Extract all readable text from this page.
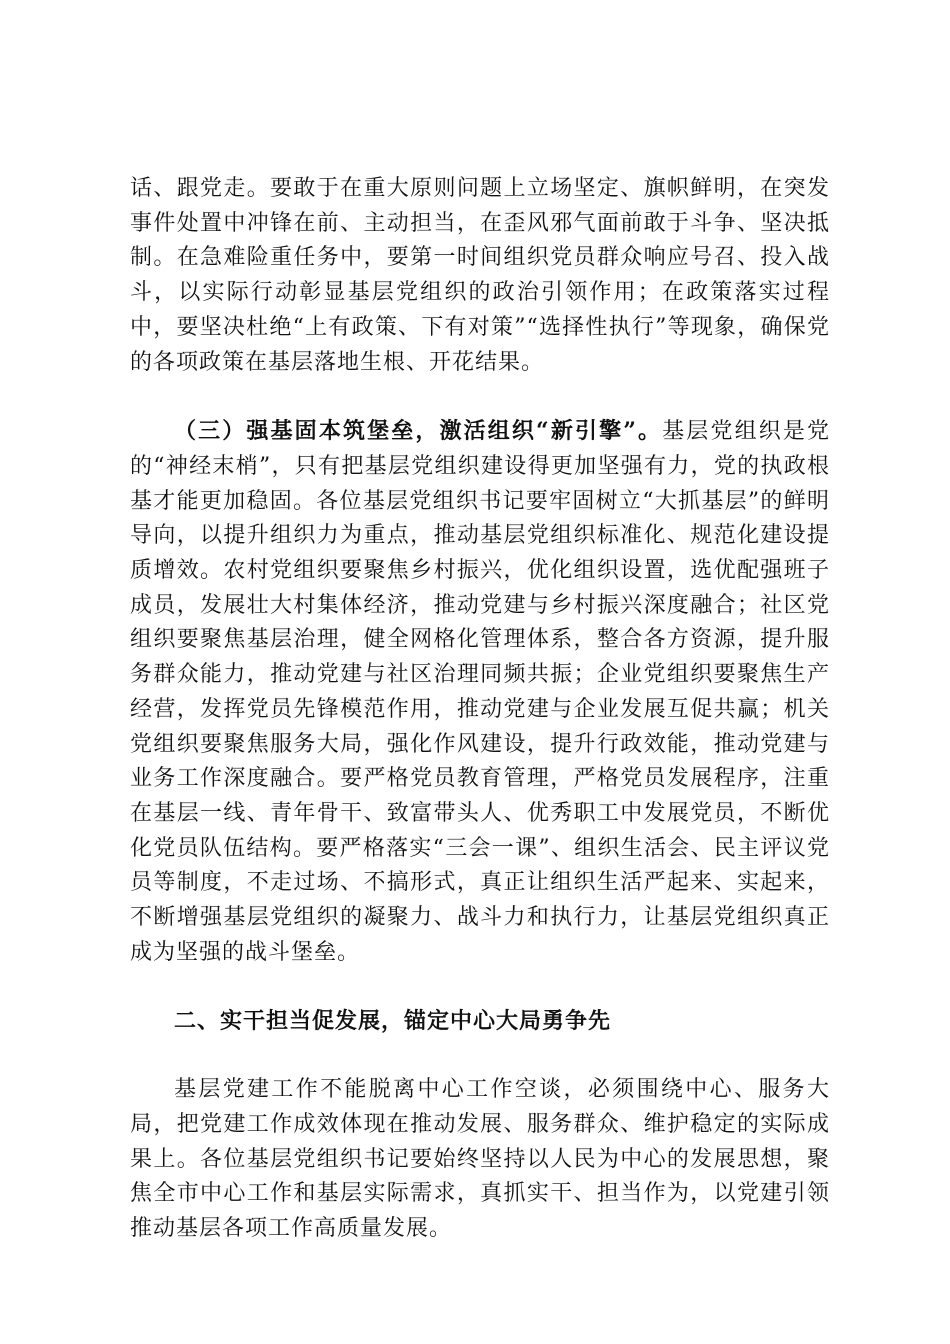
话、跟党走。要敢于在重大原则问题上立场坚定、旗帜鲜明，在突发事件处置中冲锋在前、主动担当，在歪风邪气面前敢于斗争、坚决抵制。在急难险重任务中，要第一时间组织党员群众响应号召、投入战斗，以实际行动彰显基层党组织的政治引领作用；在政策落实过程中，要坚决杜绝“上有政策、下有对策”“选择性执行”等现象，确保党的各项政策在基层落地生根、开花结果。

（三）强基固本筑堡垒，激活组织“新引擎”。基层党组织是党的“神经末梢”，只有把基层党组织建设得更加坚强有力，党的执政根基才能更加稳固。各位基层党组织书记要牢固树立“大抓基层”的鲜明导向，以提升组织力为重点，推动基层党组织标准化、规范化建设提质增效。农村党组织要聚焦乡村振兴，优化组织设置，选优配强班子成员，发展壮大村集体经济，推动党建与乡村振兴深度融合；社区党组织要聚焦基层治理，健全网格化管理体系，整合各方资源，提升服务群众能力，推动党建与社区治理同频共振；企业党组织要聚焦生产经营，发挥党员先锋模范作用，推动党建与企业发展互促共赢；机关党组织要聚焦服务大局，强化作风建设，提升行政效能，推动党建与业务工作深度融合。要严格党员教育管理，严格党员发展程序，注重在基层一线、青年骨干、致富带头人、优秀职工中发展党员，不断优化党员队伍结构。要严格落实“三会一课”、组织生活会、民主评议党员等制度，不走过场、不搞形式，真正让组织生活严起来、实起来，不断增强基层党组织的凝聚力、战斗力和执行力，让基层党组织真正成为坚强的战斗堡垒。

二、实干担当促发展，锚定中心大局勇争先

基层党建工作不能脱离中心工作空谈，必须围绕中心、服务大局，把党建工作成效体现在推动发展、服务群众、维护稳定的实际成果上。各位基层党组织书记要始终坚持以人民为中心的发展思想，聚焦全市中心工作和基层实际需求，真抓实干、担当作为，以党建引领推动基层各项工作高质量发展。
